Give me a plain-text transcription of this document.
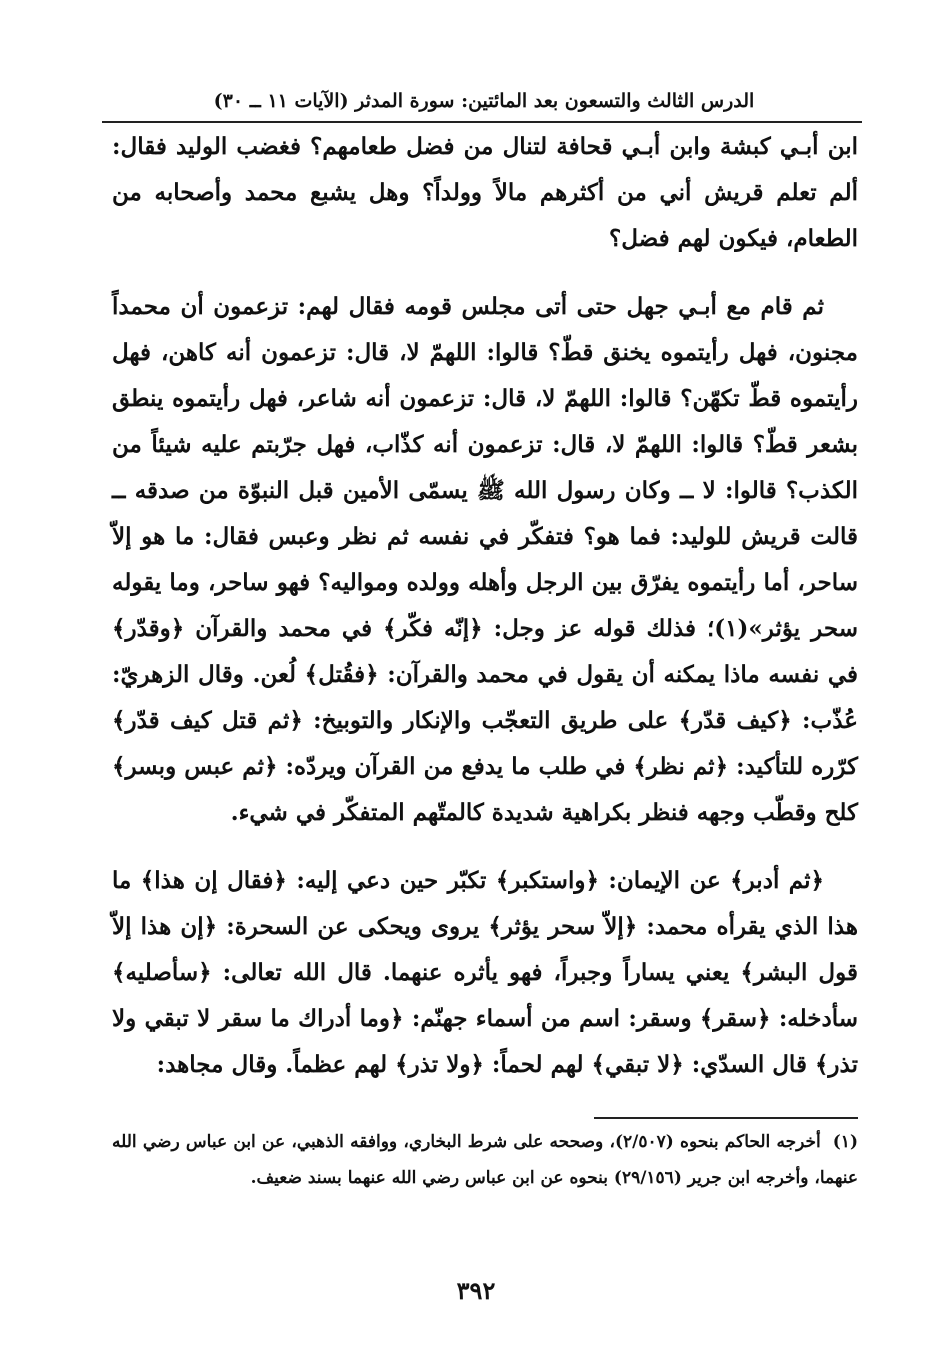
الدرس الثالث والتسعون بعد المائتين: سورة المدثر (الآيات ١١ ــ ٣٠)

ابن أبـي كبشة وابن أبـي قحافة لتنال من فضل طعامهم؟ فغضب الوليد فقال: ألم تعلم قريش أني من أكثرهم مالاً وولداً؟ وهل يشبع محمد وأصحابه من الطعام، فيكون لهم فضل؟

ثم قام مع أبـي جهل حتى أتى مجلس قومه فقال لهم: تزعمون أن محمداً مجنون، فهل رأيتموه يخنق قطّ؟ قالوا: اللهمّ لا، قال: تزعمون أنه كاهن، فهل رأيتموه قطّ تكهّن؟ قالوا: اللهمّ لا، قال: تزعمون أنه شاعر، فهل رأيتموه ينطق بشعر قطّ؟ قالوا: اللهمّ لا، قال: تزعمون أنه كذّاب، فهل جرّبتم عليه شيئاً من الكذب؟ قالوا: لا ــ وكان رسول الله ﷺ يسمّى الأمين قبل النبوّة من صدقه ــ قالت قريش للوليد: فما هو؟ فتفكّر في نفسه ثم نظر وعبس فقال: ما هو إلاّ ساحر، أما رأيتموه يفرّق بين الرجل وأهله وولده ومواليه؟ فهو ساحر، وما يقوله سحر يؤثر»(١)؛ فذلك قوله عز وجل: ﴿إنّه فكّر﴾ في محمد والقرآن ﴿وقدّر﴾ في نفسه ماذا يمكنه أن يقول في محمد والقرآن: ﴿فقُتل﴾ لُعن. وقال الزهريّ: عُذّب: ﴿كيف قدّر﴾ على طريق التعجّب والإنكار والتوبيخ: ﴿ثم قتل كيف قدّر﴾ كرّره للتأكيد: ﴿ثم نظر﴾ في طلب ما يدفع من القرآن ويردّه: ﴿ثم عبس وبسر﴾ كلح وقطّب وجهه فنظر بكراهية شديدة كالمتّهم المتفكّر في شيء.

﴿ثم أدبر﴾ عن الإيمان: ﴿واستكبر﴾ تكبّر حين دعي إليه: ﴿فقال إن هذا﴾ ما هذا الذي يقرأه محمد: ﴿إلاّ سحر يؤثر﴾ يروى ويحكى عن السحرة: ﴿إن هذا إلاّ قول البشر﴾ يعني يساراً وجبراً، فهو يأثره عنهما. قال الله تعالى: ﴿سأصليه﴾ سأدخله: ﴿سقر﴾ وسقر: اسم من أسماء جهنّم: ﴿وما أدراك ما سقر لا تبقي ولا تذر﴾ قال السدّي: ﴿لا تبقي﴾ لهم لحماً: ﴿ولا تذر﴾ لهم عظماً. وقال مجاهد:

(١)أخرجه الحاكم بنحوه (٢/٥٠٧)، وصححه على شرط البخاري، ووافقه الذهبي، عن ابن عباس رضي الله عنهما، وأخرجه ابن جرير (٢٩/١٥٦) بنحوه عن ابن عباس رضي الله عنهما بسند ضعيف.
٣٩٢
